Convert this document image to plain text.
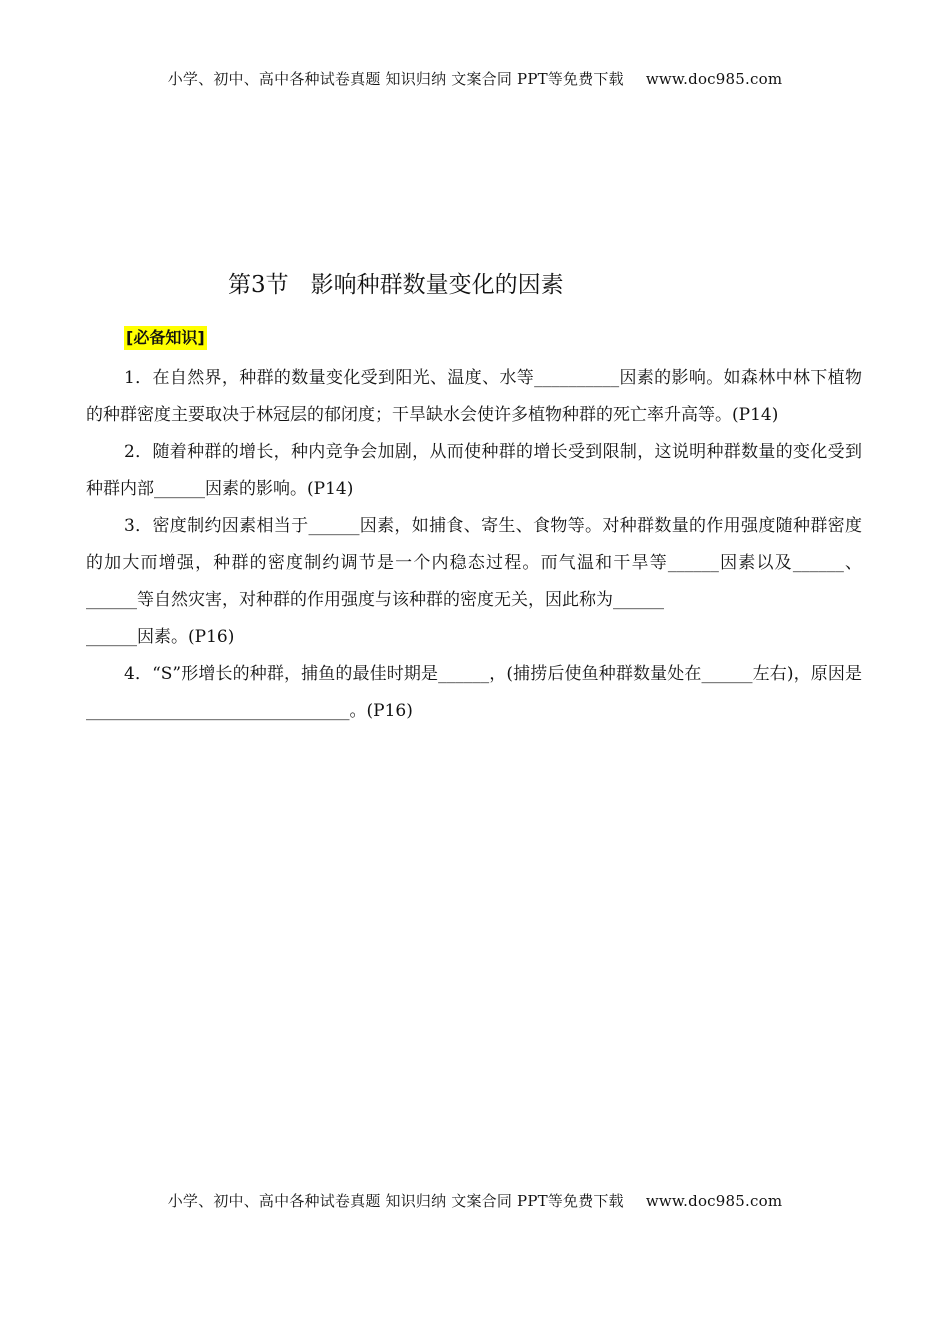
小学、初中、高中各种试卷真题 知识归纳 文案合同 PPT等免费下载 www.doc985.com
第3节 影响种群数量变化的因素
[必备知识]

1．在自然界，种群的数量变化受到阳光、温度、水等__________因素的影响。如森林中林下植物的种群密度主要取决于林冠层的郁闭度；干旱缺水会使许多植物种群的死亡率升高等。(P14)

2．随着种群的增长，种内竞争会加剧，从而使种群的增长受到限制，这说明种群数量的变化受到种群内部______因素的影响。(P14)

3．密度制约因素相当于______因素，如捕食、寄生、食物等。对种群数量的作用强度随种群密度的加大而增强，种群的密度制约调节是一个内稳态过程。而气温和干旱等______因素以及______、______等自然灾害，对种群的作用强度与该种群的密度无关，因此称为______

______因素。(P16)

4．“S”形增长的种群，捕鱼的最佳时期是______，(捕捞后使鱼种群数量处在______左右)，原因是 _______________________________。(P16)

小学、初中、高中各种试卷真题 知识归纳 文案合同 PPT等免费下载 www.doc985.com
